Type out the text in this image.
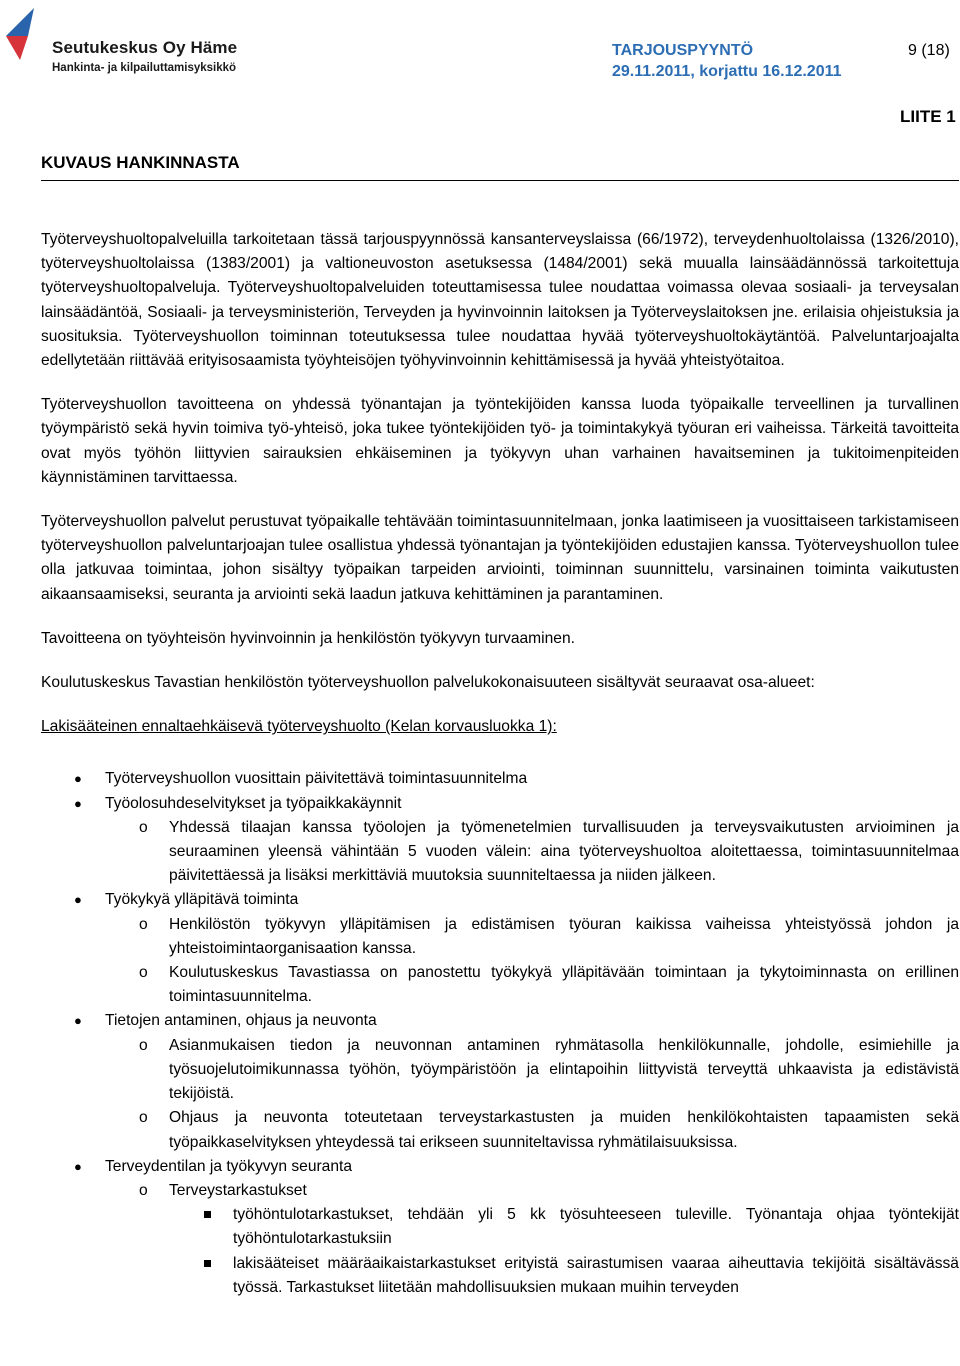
Seutukeskus Oy Häme
Hankinta- ja kilpailuttamisyksikkö
TARJOUSPYYNTÖ
29.11.2011, korjattu 16.12.2011
9 (18)
LIITE 1
KUVAUS HANKINNASTA

Työterveyshuoltopalveluilla tarkoitetaan tässä tarjouspyynnössä kansanterveyslaissa (66/1972), terveydenhuoltolaissa (1326/2010), työterveyshuoltolaissa (1383/2001) ja valtioneuvoston asetuksessa (1484/2001) sekä muualla lainsäädännössä tarkoitettuja työterveyshuoltopalveluja. Työterveyshuoltopalveluiden toteuttamisessa tulee noudattaa voimassa olevaa sosiaali- ja terveysalan lainsäädäntöä, Sosiaali- ja terveysministeriön, Terveyden ja hyvinvoinnin laitoksen ja Työterveyslaitoksen jne. erilaisia ohjeistuksia ja suosituksia. Työterveyshuollon toiminnan toteutuksessa tulee noudattaa hyvää työterveyshuoltokäytäntöä. Palveluntarjoajalta edellytetään riittävää erityisosaamista työyhteisöjen työhyvinvoinnin kehittämisessä ja hyvää yhteistyötaitoa.

Työterveyshuollon tavoitteena on yhdessä työnantajan ja työntekijöiden kanssa luoda työpaikalle terveellinen ja turvallinen työympäristö sekä hyvin toimiva työ-yhteisö, joka tukee työntekijöiden työ- ja toimintakykyä työuran eri vaiheissa. Tärkeitä tavoitteita ovat myös työhön liittyvien sairauksien ehkäiseminen ja työkyvyn uhan varhainen havaitseminen ja tukitoimenpiteiden käynnistäminen tarvittaessa.

Työterveyshuollon palvelut perustuvat työpaikalle tehtävään toimintasuunnitelmaan, jonka laatimiseen ja vuosittaiseen tarkistamiseen työterveyshuollon palveluntarjoajan tulee osallistua yhdessä työnantajan ja työntekijöiden edustajien kanssa. Työterveyshuollon tulee olla jatkuvaa toimintaa, johon sisältyy työpaikan tarpeiden arviointi, toiminnan suunnittelu, varsinainen toiminta vaikutusten aikaansaamiseksi, seuranta ja arviointi sekä laadun jatkuva kehittäminen ja parantaminen.

Tavoitteena on työyhteisön hyvinvoinnin ja henkilöstön työkyvyn turvaaminen.

Koulutuskeskus Tavastian henkilöstön työterveyshuollon palvelukokonaisuuteen sisältyvät seuraavat osa-alueet:

Lakisääteinen ennaltaehkäisevä työterveyshuolto (Kelan korvausluokka 1):

● Työterveyshuollon vuosittain päivitettävä toimintasuunnitelma
● Työolosuhdeselvitykset ja työpaikkakäynnit
o Yhdessä tilaajan kanssa työolojen ja työmenetelmien turvallisuuden ja terveysvaikutusten arvioiminen ja seuraaminen yleensä vähintään 5 vuoden välein: aina työterveyshuoltoa aloitettaessa, toimintasuunnitelmaa päivitettäessä ja lisäksi merkittäviä muutoksia suunniteltaessa ja niiden jälkeen.
● Työkykyä ylläpitävä toiminta
o Henkilöstön työkyvyn ylläpitämisen ja edistämisen työuran kaikissa vaiheissa yhteistyössä johdon ja yhteistoimintaorganisaation kanssa.
o Koulutuskeskus Tavastiassa on panostettu työkykyä ylläpitävään toimintaan ja tykytoiminnasta on erillinen toimintasuunnitelma.
● Tietojen antaminen, ohjaus ja neuvonta
o Asianmukaisen tiedon ja neuvonnan antaminen ryhmätasolla henkilökunnalle, johdolle, esimiehille ja työsuojelutoimikunnassa työhön, työympäristöön ja elintapoihin liittyvistä terveyttä uhkaavista ja edistävistä tekijöistä.
o Ohjaus ja neuvonta toteutetaan terveystarkastusten ja muiden henkilökohtaisten tapaamisten sekä työpaikkaselvityksen yhteydessä tai erikseen suunniteltavissa ryhmätilaisuuksissa.
● Terveydentilan ja työkyvyn seuranta
o Terveystarkastukset
työhöntulotarkastukset, tehdään yli 5 kk työsuhteeseen tuleville. Työnantaja ohjaa työntekijät työhöntulotarkastuksiin
lakisääteiset määräaikaistarkastukset erityistä sairastumisen vaaraa aiheuttavia tekijöitä sisältävässä työssä. Tarkastukset liitetään mahdollisuuksien mukaan muihin terveyden
